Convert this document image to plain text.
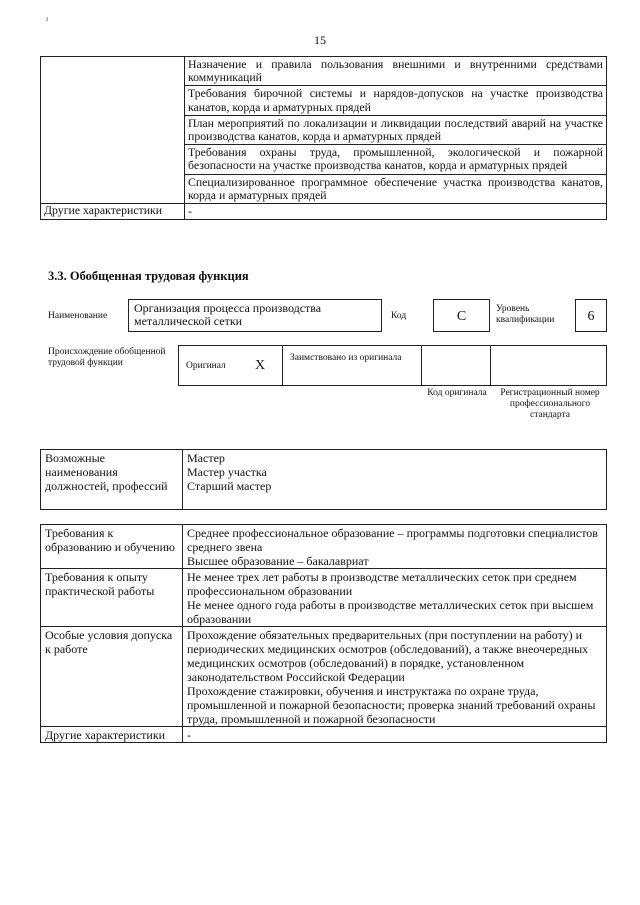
ı
15
	Назначение и правила пользования внешними и внутренними средствами коммуникаций
	Требования бирочной системы и нарядов-допусков на участке производства канатов, корда и арматурных прядей
	План мероприятий по локализации и ликвидации последствий аварий на участке производства канатов, корда и арматурных прядей
	Требования охраны труда, промышленной, экологической и пожарной безопасности на участке производства канатов, корда и арматурных прядей
	Специализированное программное обеспечение участка производства канатов, корда и арматурных прядей
Другие характеристики	-
3.3. Обобщенная трудовая функция
Наименование
Организация процесса производства металлической сетки	Код	С	Уровень квалификации	6
Происхождение обобщенной трудовой функции	Оригинал X	Заимствовано из оригинала
Код оригинала	Регистрационный номер профессионального стандарта
Возможные наименования должностей, профессий	
Мастер
Мастер участка
Старший мастер
Требования к образованию и обучению	Среднее профессиональное образование – программы подготовки специалистов среднего звена
Высшее образование – бакалавриат

Требования к опыту практической работы	Не менее трех лет работы в производстве металлических сеток при среднем профессиональном образовании
Не менее одного года работы в производстве металлических сеток при высшем образовании

Особые условия допуска к работе	Прохождение обязательных предварительных (при поступлении на работу) и периодических медицинских осмотров (обследований), а также внеочередных медицинских осмотров (обследований) в порядке, установленном законодательством Российской Федерации
Прохождение стажировки, обучения и инструктажа по охране труда, промышленной и пожарной безопасности; проверка знаний требований охраны труда, промышленной и пожарной безопасности

Другие характеристики	-
